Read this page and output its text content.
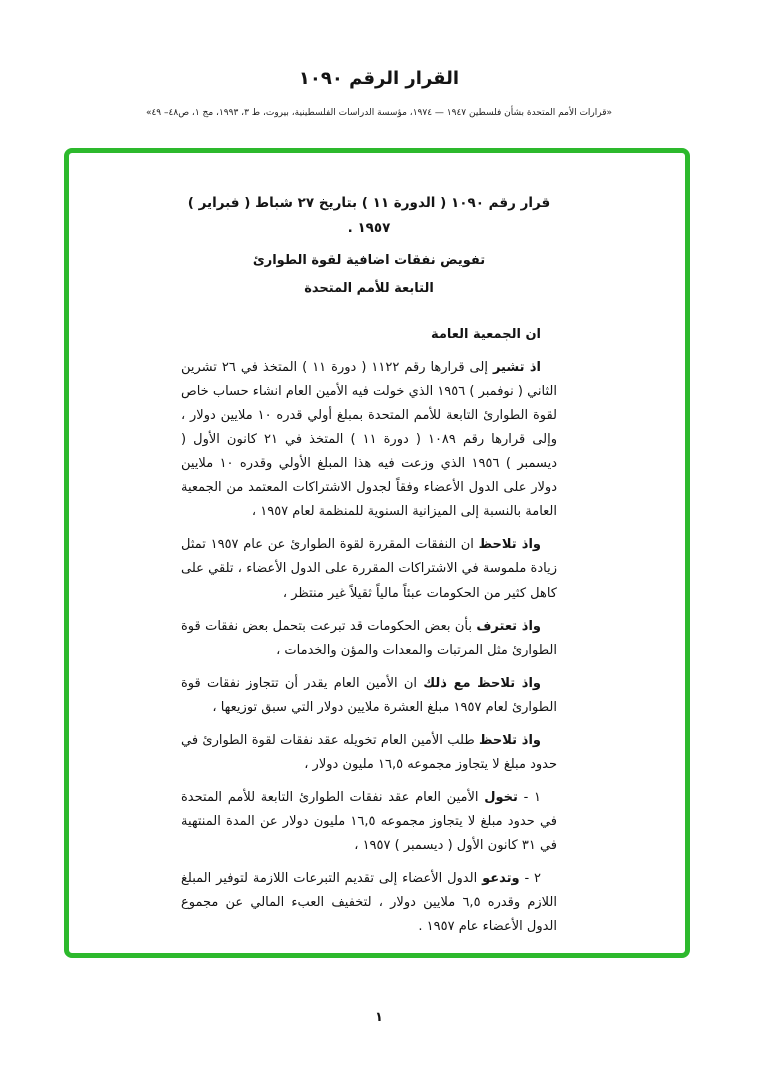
القرار الرقم ١٠٩٠
«قرارات الأمم المتحدة بشأن فلسطين ١٩٤٧ — ١٩٧٤، مؤسسة الدراسات الفلسطينية، بيروت، ط ٣، ١٩٩٣، مج ١، ص٤٨– ٤٩»
قرار رقم ١٠٩٠ ( الدورة ١١ ) بتاريخ ٢٧ شباط ( فبراير ) ١٩٥٧ .
تفويض نفقات اضافية لقوة الطوارئ
التابعة للأمم المتحدة

ان الجمعية العامة

اذ تشير إلى قرارها رقم ١١٢٢ ( دورة ١١ ) المتخذ في ٢٦ تشرين الثاني ( نوفمبر ) ١٩٥٦ الذي خولت فيه الأمين العام انشاء حساب خاص لقوة الطوارئ التابعة للأمم المتحدة بمبلغ أولي قدره ١٠ ملايين دولار ، وإلى قرارها رقم ١٠٨٩ ( دورة ١١ ) المتخذ في ٢١ كانون الأول ( ديسمبر ) ١٩٥٦ الذي وزعت فيه هذا المبلغ الأولي وقدره ١٠ ملايين دولار على الدول الأعضاء وفقاً لجدول الاشتراكات المعتمد من الجمعية العامة بالنسبة إلى الميزانية السنوية للمنظمة لعام ١٩٥٧ ،

واذ تلاحظ ان النفقات المقررة لقوة الطوارئ عن عام ١٩٥٧ تمثل زيادة ملموسة في الاشتراكات المقررة على الدول الأعضاء ، تلقي على كاهل كثير من الحكومات عبئاً مالياً ثقيلاً غير منتظر ،

واذ تعترف بأن بعض الحكومات قد تبرعت بتحمل بعض نفقات قوة الطوارئ مثل المرتبات والمعدات والمؤن والخدمات ،

واذ تلاحظ مع ذلك ان الأمين العام يقدر أن تتجاوز نفقات قوة الطوارئ لعام ١٩٥٧ مبلغ العشرة ملايين دولار التي سبق توزيعها ،

واذ تلاحظ طلب الأمين العام تخويله عقد نفقات لقوة الطوارئ في حدود مبلغ لا يتجاوز مجموعه ١٦,٥ مليون دولار ،

١ - تخول الأمين العام عقد نفقات الطوارئ التابعة للأمم المتحدة في حدود مبلغ لا يتجاوز مجموعه ١٦,٥ مليون دولار عن المدة المنتهية في ٣١ كانون الأول ( ديسمبر ) ١٩٥٧ ،

٢ - وتدعو الدول الأعضاء إلى تقديم التبرعات اللازمة لتوفير المبلغ اللازم وقدره ٦,٥ ملايين دولار ، لتخفيف العبء المالي عن مجموع الدول الأعضاء عام ١٩٥٧ .

١
